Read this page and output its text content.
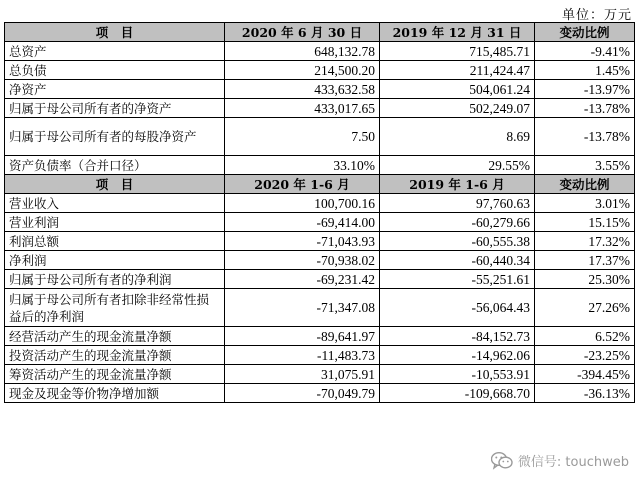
单位：万元
项　目	2020 年 6 月 30 日	2019 年 12 月 31 日	变动比例
总资产	648,132.78	715,485.71	-9.41%
总负债	214,500.20	211,424.47	1.45%
净资产	433,632.58	504,061.24	-13.97%
归属于母公司所有者的净资产	433,017.65	502,249.07	-13.78%
归属于母公司所有者的每股净资产	7.50	8.69	-13.78%
资产负债率（合并口径）	33.10%	29.55%	3.55%
项　目	2020 年 1-6 月	2019 年 1-6 月	变动比例
营业收入	100,700.16	97,760.63	3.01%
营业利润	-69,414.00	-60,279.66	15.15%
利润总额	-71,043.93	-60,555.38	17.32%
净利润	-70,938.02	-60,440.34	17.37%
归属于母公司所有者的净利润	-69,231.42	-55,251.61	25.30%
归属于母公司所有者扣除非经常性损益后的净利润	-71,347.08	-56,064.43	27.26%
经营活动产生的现金流量净额	-89,641.97	-84,152.73	6.52%
投资活动产生的现金流量净额	-11,483.73	-14,962.06	-23.25%
筹资活动产生的现金流量净额	31,075.91	-10,553.91	-394.45%
现金及现金等价物净增加额	-70,049.79	-109,668.70	-36.13%
微信号: touchweb
